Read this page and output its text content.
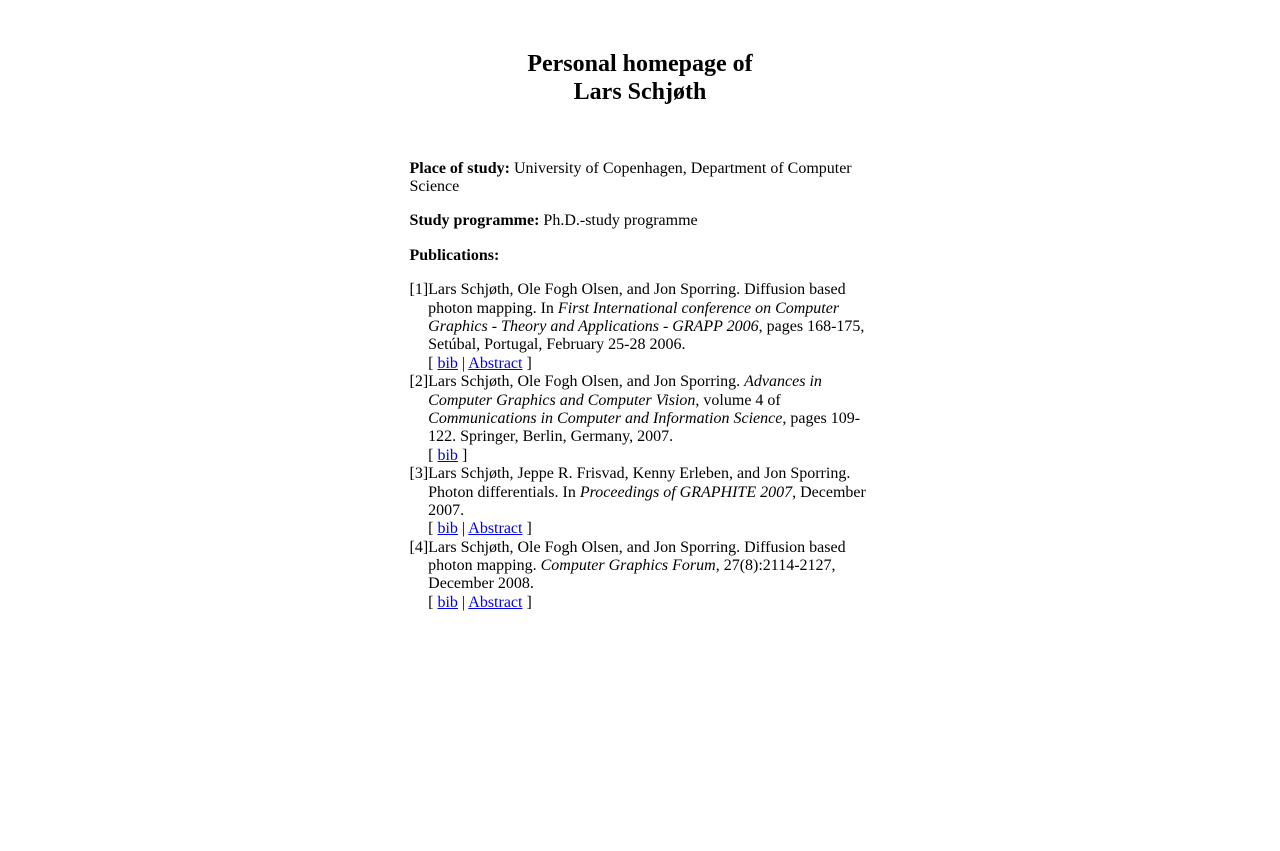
Personal homepage of
Lars Schjøth

Place of study: University of Copenhagen, Department of Computer Science

Study programme: Ph.D.-study programme

Publications:

[1]	Lars Schjøth, Ole Fogh Olsen, and Jon Sporring. Diffusion based photon mapping. In First International conference on Computer Graphics - Theory and Applications - GRAPP 2006, pages 168-175, Setúbal, Portugal, February 25-28 2006.
[ bib | Abstract ]
[2]	Lars Schjøth, Ole Fogh Olsen, and Jon Sporring. Advances in Computer Graphics and Computer Vision, volume 4 of Communications in Computer and Information Science, pages 109-122. Springer, Berlin, Germany, 2007.
[ bib ]
[3]	Lars Schjøth, Jeppe R. Frisvad, Kenny Erleben, and Jon Sporring. Photon differentials. In Proceedings of GRAPHITE 2007, December 2007.
[ bib | Abstract ]
[4]	Lars Schjøth, Ole Fogh Olsen, and Jon Sporring. Diffusion based photon mapping. Computer Graphics Forum, 27(8):2114-2127, December 2008.
[ bib | Abstract ]
